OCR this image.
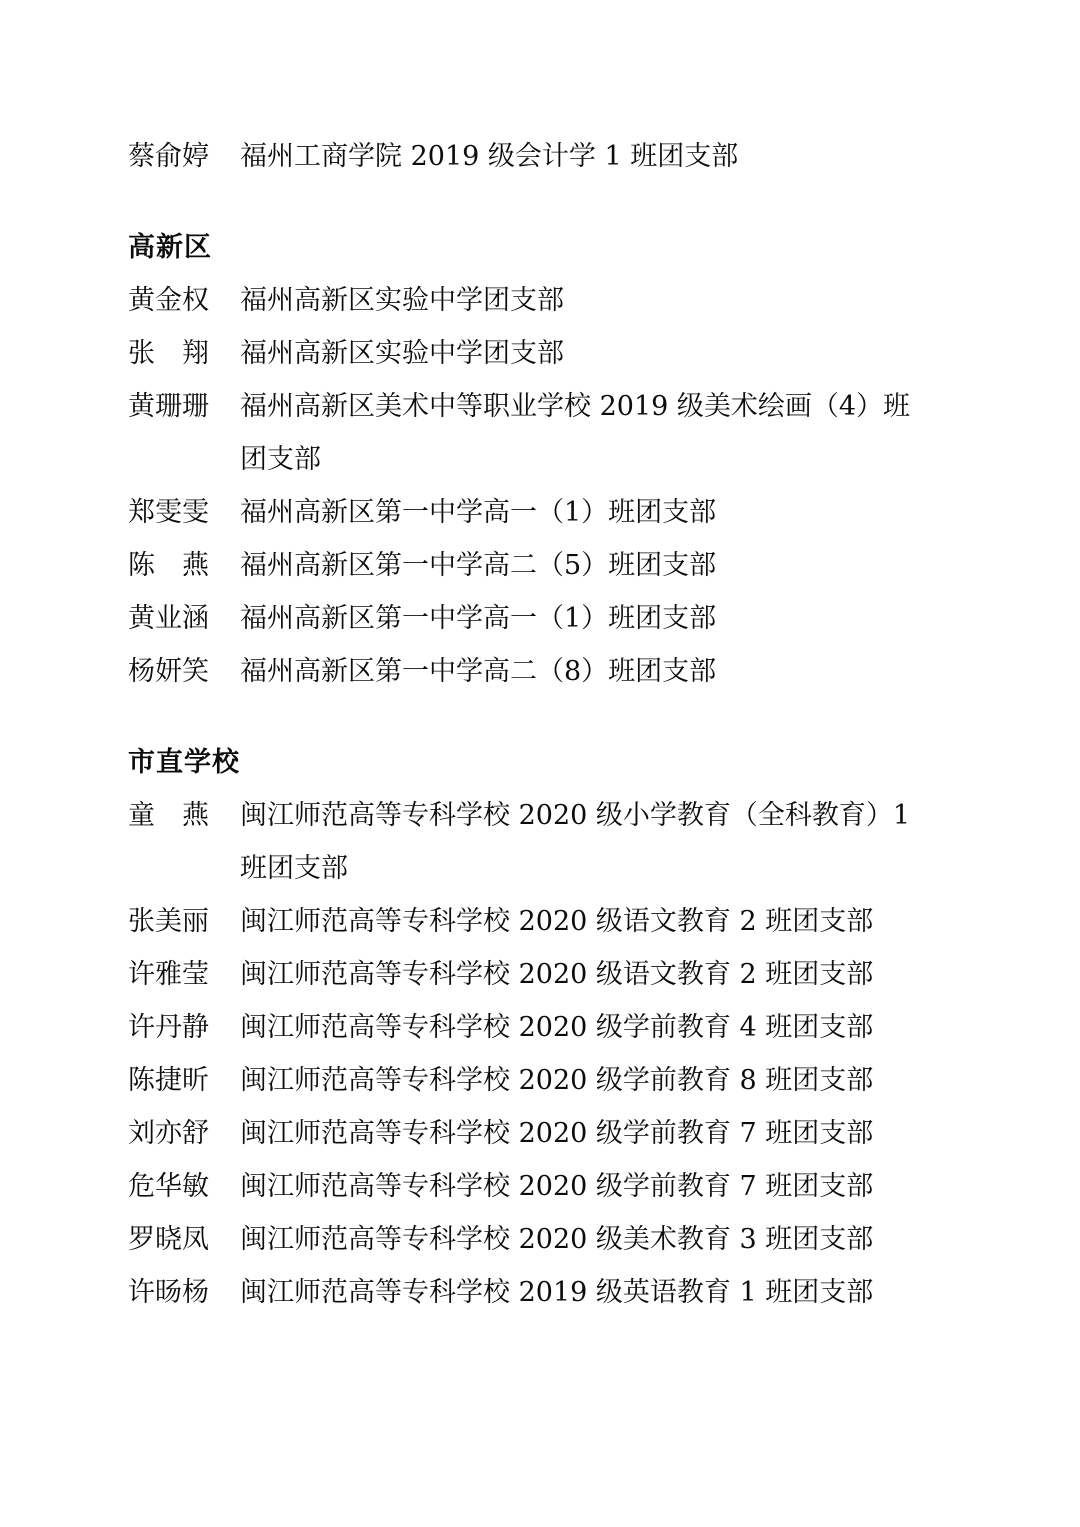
蔡俞婷	福州工商学院 2019 级会计学 1 班团支部
高新区
黄金权	福州高新区实验中学团支部
张　翔	福州高新区实验中学团支部
黄珊珊	福州高新区美术中等职业学校 2019 级美术绘画（4）班
团支部
郑雯雯	福州高新区第一中学高一（1）班团支部
陈　燕	福州高新区第一中学高二（5）班团支部
黄业涵	福州高新区第一中学高一（1）班团支部
杨妍笑	福州高新区第一中学高二（8）班团支部
市直学校
童　燕	闽江师范高等专科学校 2020 级小学教育（全科教育）1
班团支部
张美丽	闽江师范高等专科学校 2020 级语文教育 2 班团支部
许雅莹	闽江师范高等专科学校 2020 级语文教育 2 班团支部
许丹静	闽江师范高等专科学校 2020 级学前教育 4 班团支部
陈捷昕	闽江师范高等专科学校 2020 级学前教育 8 班团支部
刘亦舒	闽江师范高等专科学校 2020 级学前教育 7 班团支部
危华敏	闽江师范高等专科学校 2020 级学前教育 7 班团支部
罗晓凤	闽江师范高等专科学校 2020 级美术教育 3 班团支部
许旸杨	闽江师范高等专科学校 2019 级英语教育 1 班团支部
